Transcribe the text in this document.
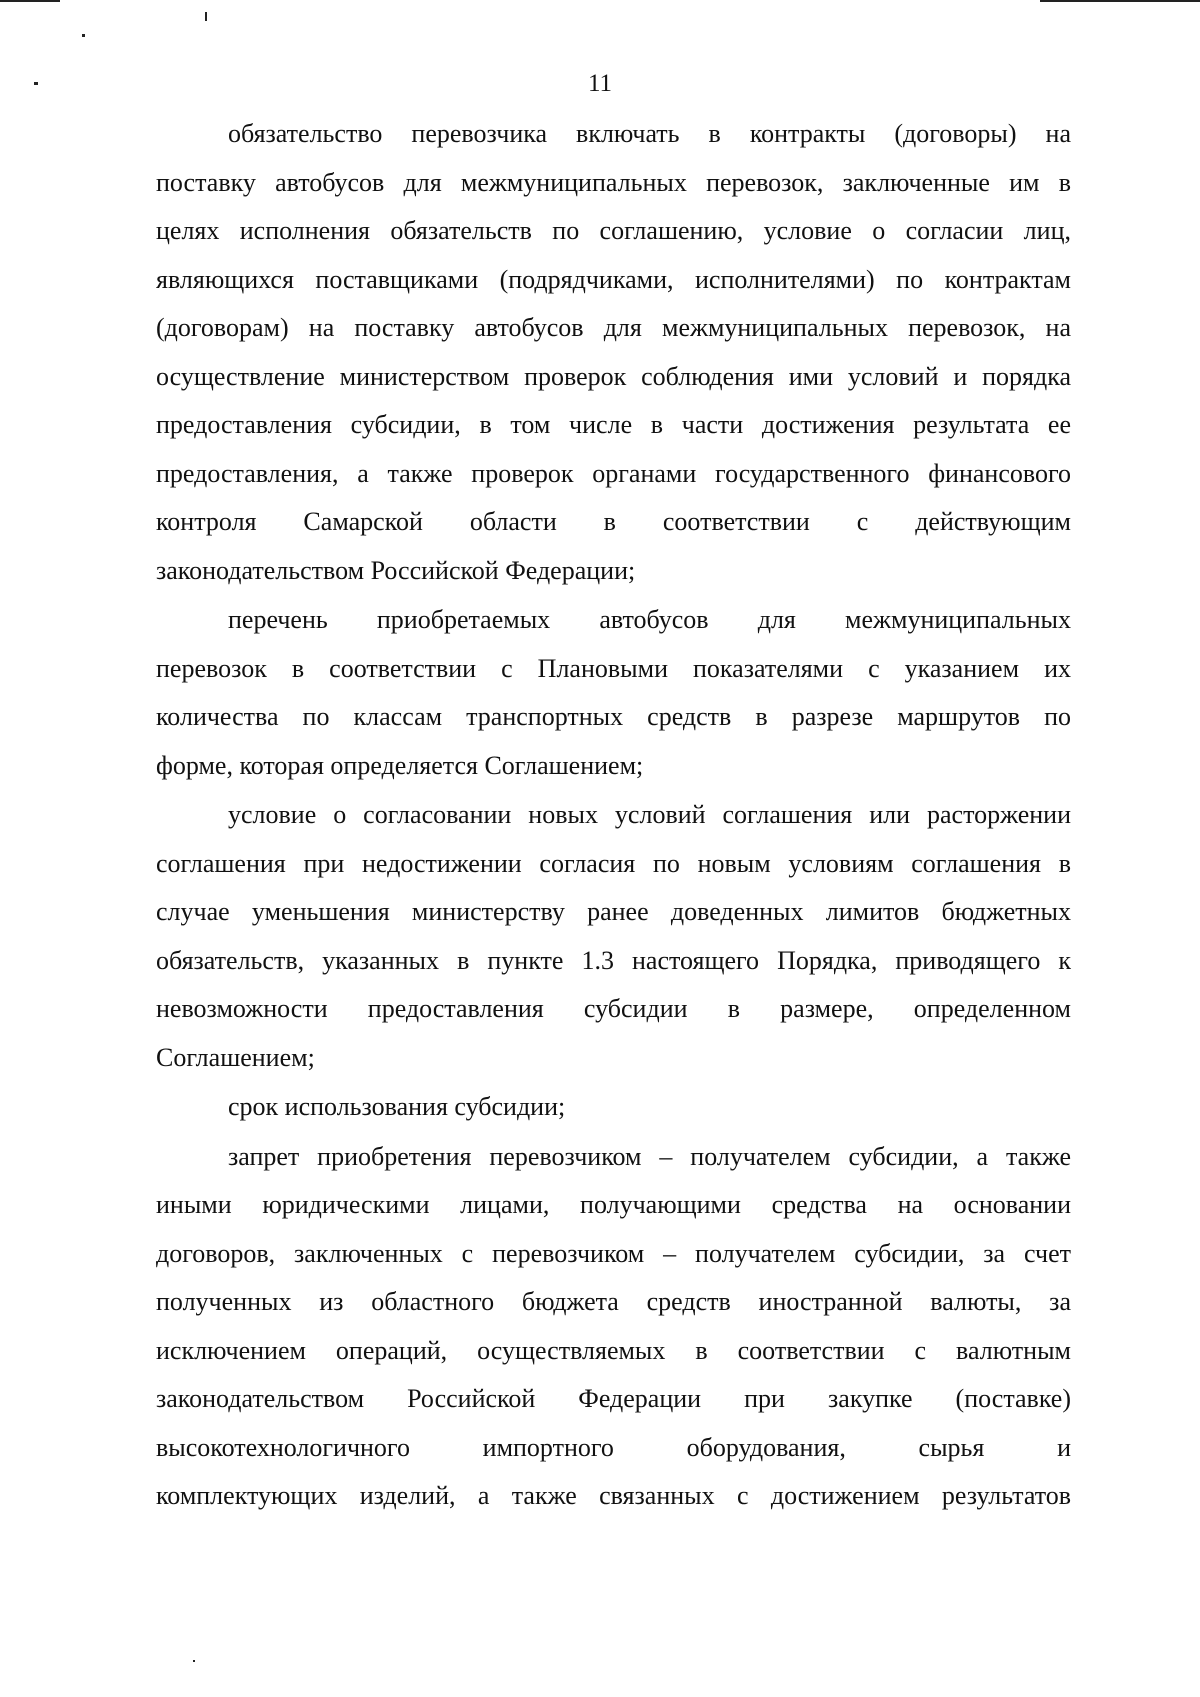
11
обязательство перевозчика включать в контракты (договоры) на
поставку автобусов для межмуниципальных перевозок, заключенные им в
целях исполнения обязательств по соглашению, условие о согласии лиц,
являющихся поставщиками (подрядчиками, исполнителями) по контрактам
(договорам) на поставку автобусов для межмуниципальных перевозок, на
осуществление министерством проверок соблюдения ими условий и порядка
предоставления субсидии, в том числе в части достижения результата ее
предоставления, а также проверок органами государственного финансового
контроля Самарской области в соответствии с действующим
законодательством Российской Федерации;
перечень приобретаемых автобусов для межмуниципальных
перевозок в соответствии с Плановыми показателями с указанием их
количества по классам транспортных средств в разрезе маршрутов по
форме, которая определяется Соглашением;
условие о согласовании новых условий соглашения или расторжении
соглашения при недостижении согласия по новым условиям соглашения в
случае уменьшения министерству ранее доведенных лимитов бюджетных
обязательств, указанных в пункте 1.3 настоящего Порядка, приводящего к
невозможности предоставления субсидии в размере, определенном
Соглашением;
срок использования субсидии;
запрет приобретения перевозчиком – получателем субсидии, а также
иными юридическими лицами, получающими средства на основании
договоров, заключенных с перевозчиком – получателем субсидии, за счет
полученных из областного бюджета средств иностранной валюты, за
исключением операций, осуществляемых в соответствии с валютным
законодательством Российской Федерации при закупке (поставке)
высокотехнологичного импортного оборудования, сырья и
комплектующих изделий, а также связанных с достижением результатов
